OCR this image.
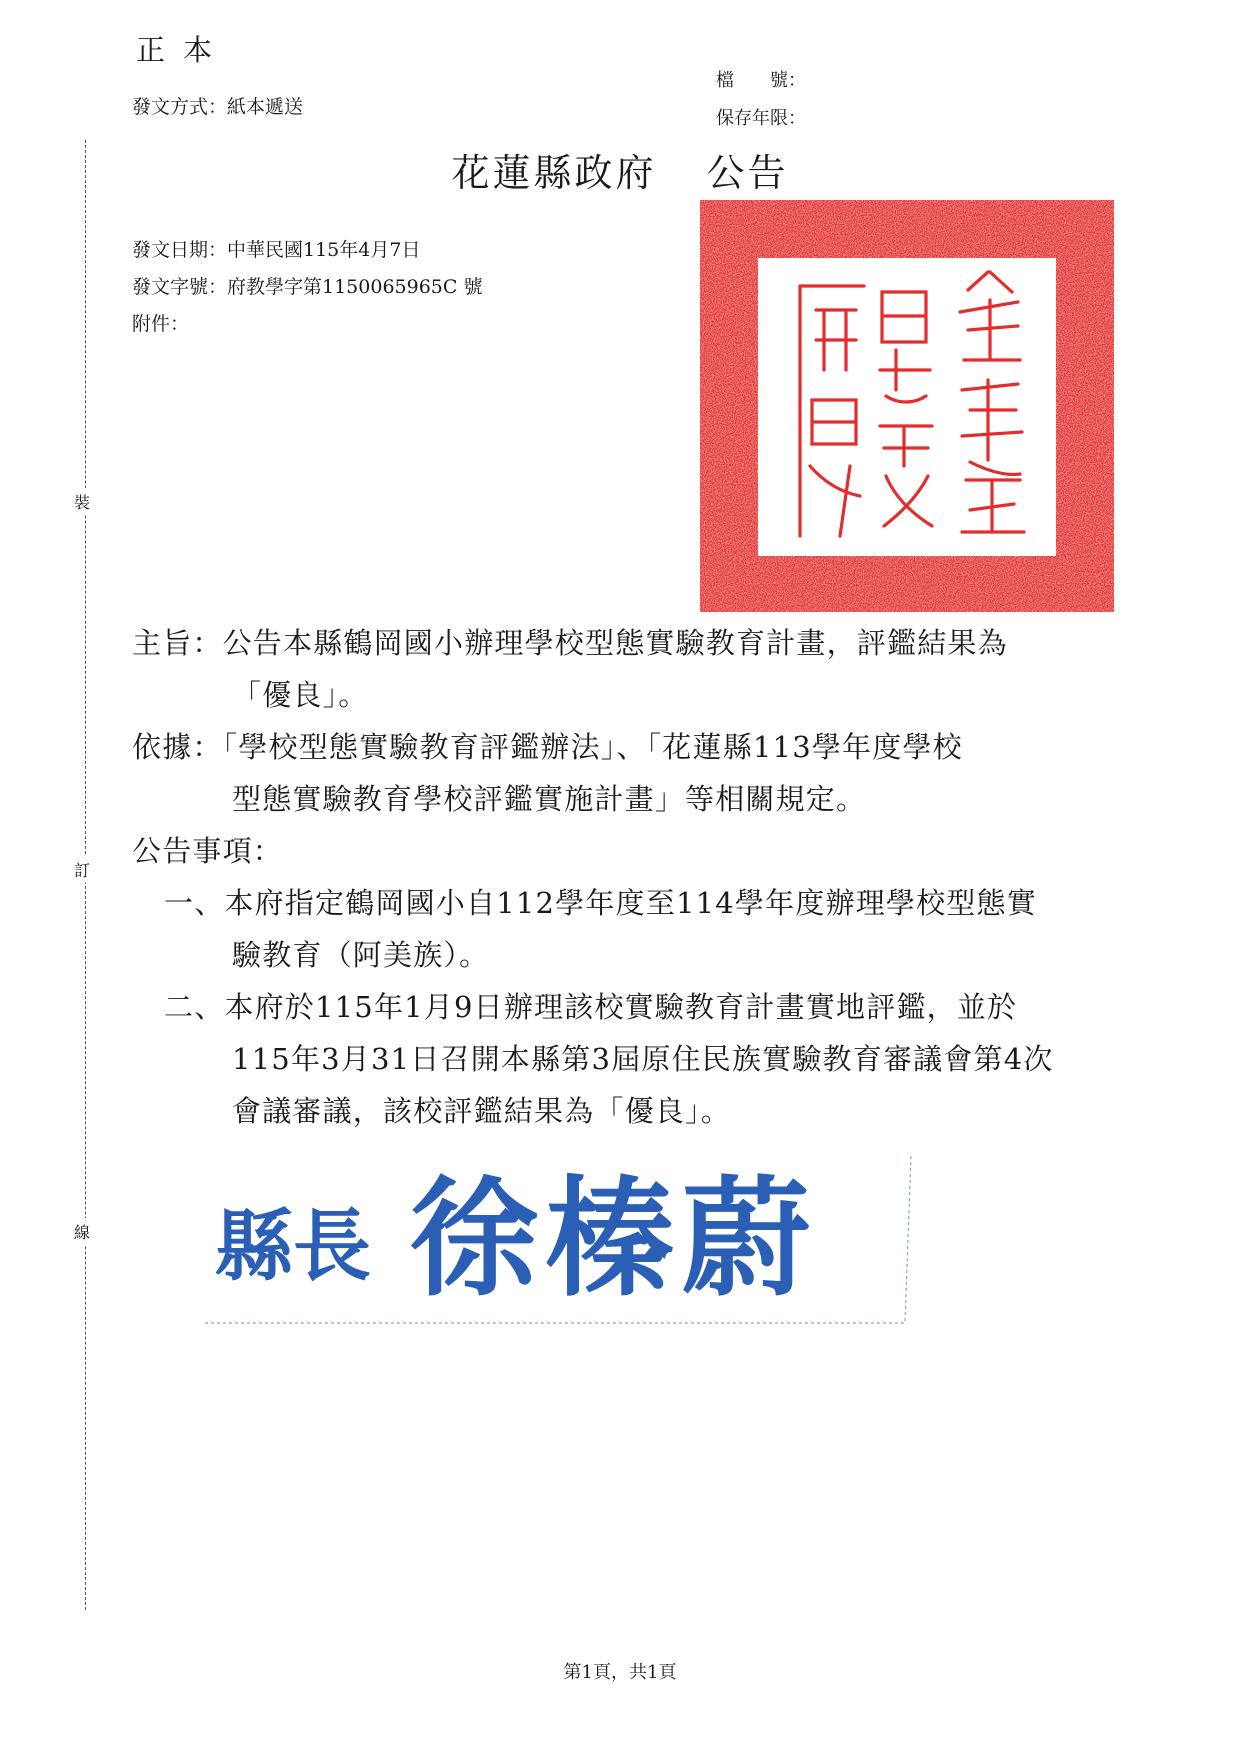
正本
發文方式：紙本遞送
檔　　號：
保存年限：
裝
訂
線
花蓮縣政府 公告
發文日期：中華民國115年4月7日
發文字號：府教學字第1150065965C 號
附件：
主旨：公告本縣鶴岡國小辦理學校型態實驗教育計畫，評鑑結果為
「優良」。
依據：「學校型態實驗教育評鑑辦法」、「花蓮縣113學年度學校
型態實驗教育學校評鑑實施計畫」等相關規定。
公告事項：
一、本府指定鶴岡國小自112學年度至114學年度辦理學校型態實
驗教育（阿美族）。
二、本府於115年1月9日辦理該校實驗教育計畫實地評鑑，並於
115年3月31日召開本縣第3屆原住民族實驗教育審議會第4次
會議審議，該校評鑑結果為「優良」。
縣長 徐榛蔚
第1頁，共1頁
